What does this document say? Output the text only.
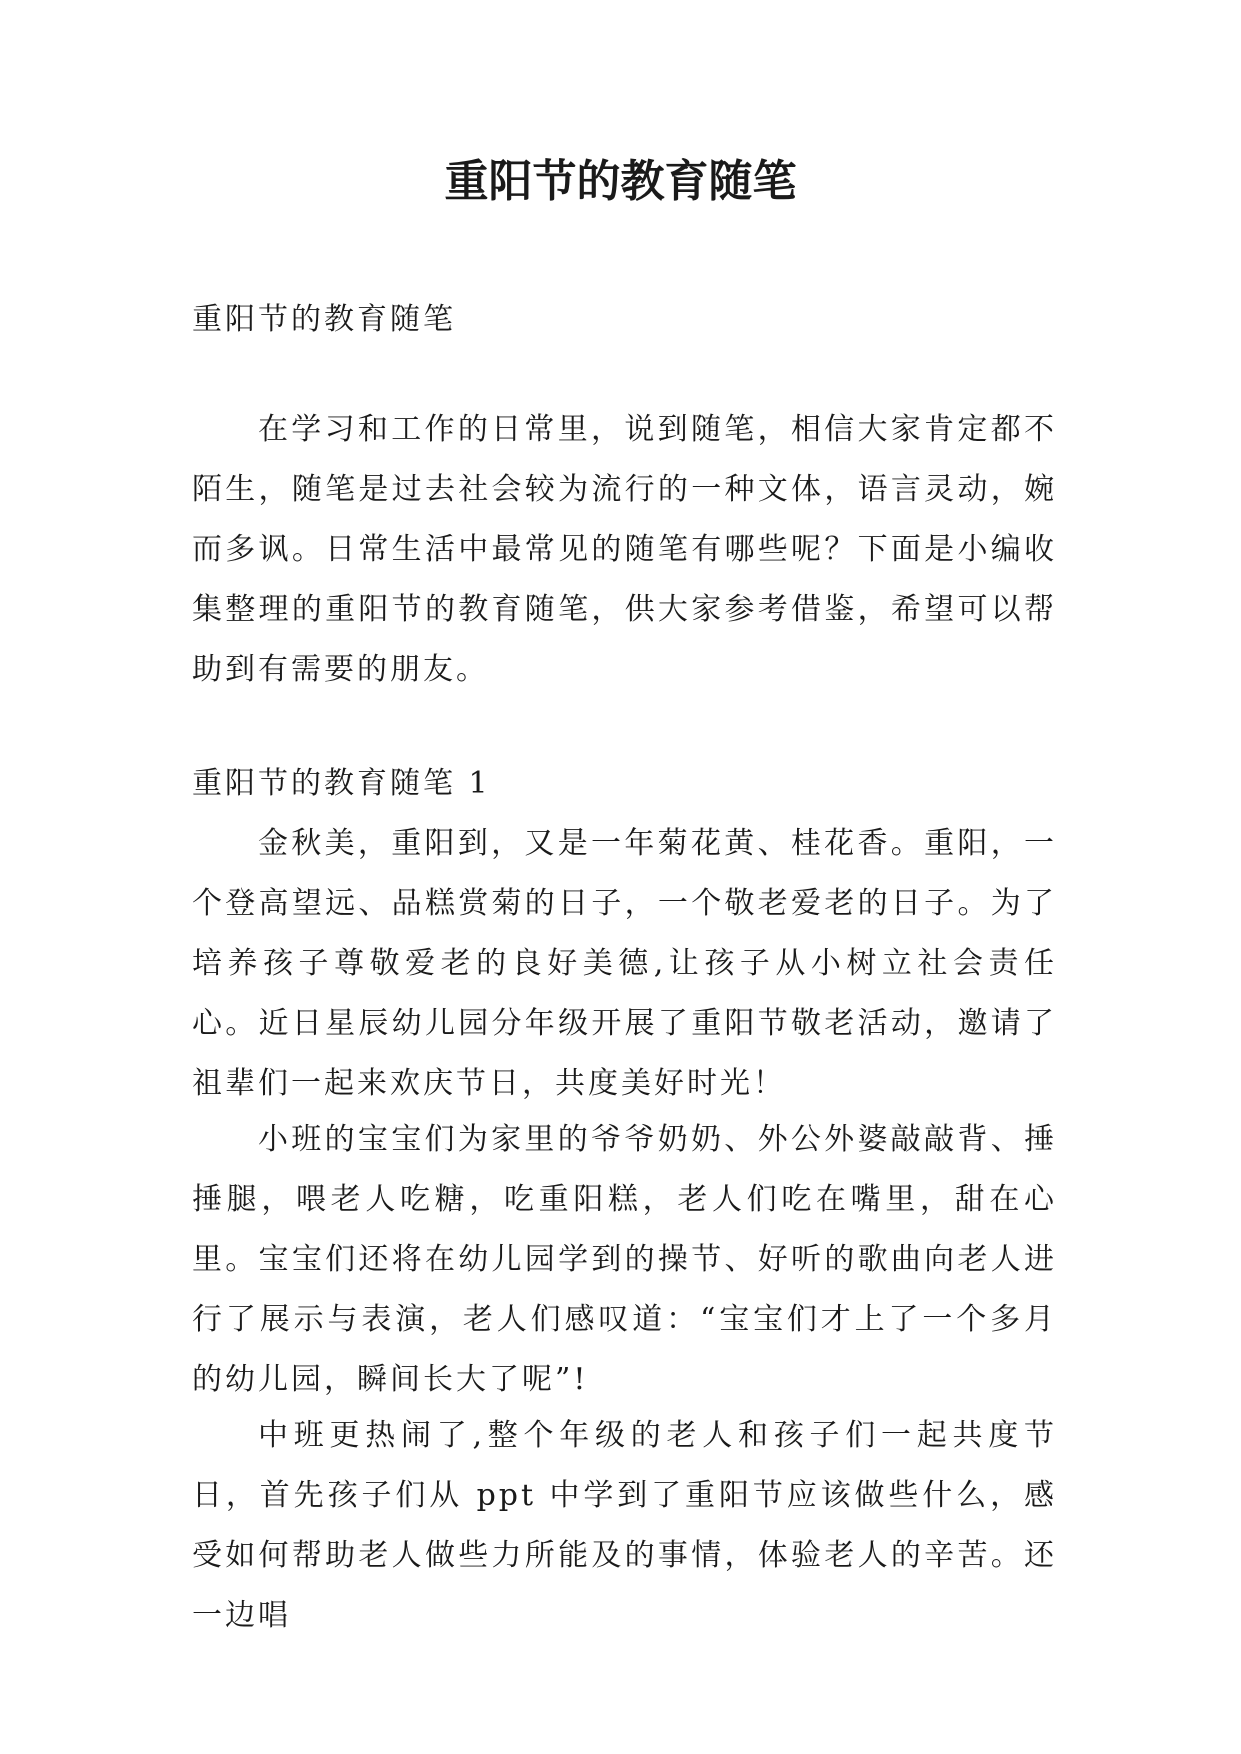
重阳节的教育随笔

重阳节的教育随笔

在学习和工作的日常里，说到随笔，相信大家肯定都不陌生，随笔是过去社会较为流行的一种文体，语言灵动，婉而多讽。日常生活中最常见的随笔有哪些呢？下面是小编收集整理的重阳节的教育随笔，供大家参考借鉴，希望可以帮助到有需要的朋友。

重阳节的教育随笔 1

金秋美，重阳到，又是一年菊花黄、桂花香。重阳，一个登高望远、品糕赏菊的日子，一个敬老爱老的日子。为了培养孩子尊敬爱老的良好美德,让孩子从小树立社会责任心。近日星辰幼儿园分年级开展了重阳节敬老活动，邀请了祖辈们一起来欢庆节日，共度美好时光！

小班的宝宝们为家里的爷爷奶奶、外公外婆敲敲背、捶捶腿，喂老人吃糖，吃重阳糕，老人们吃在嘴里，甜在心里。宝宝们还将在幼儿园学到的操节、好听的歌曲向老人进行了展示与表演，老人们感叹道：“宝宝们才上了一个多月的幼儿园，瞬间长大了呢”!

中班更热闹了,整个年级的老人和孩子们一起共度节日，首先孩子们从 ppt 中学到了重阳节应该做些什么，感受如何帮助老人做些力所能及的事情，体验老人的辛苦。还一边唱
